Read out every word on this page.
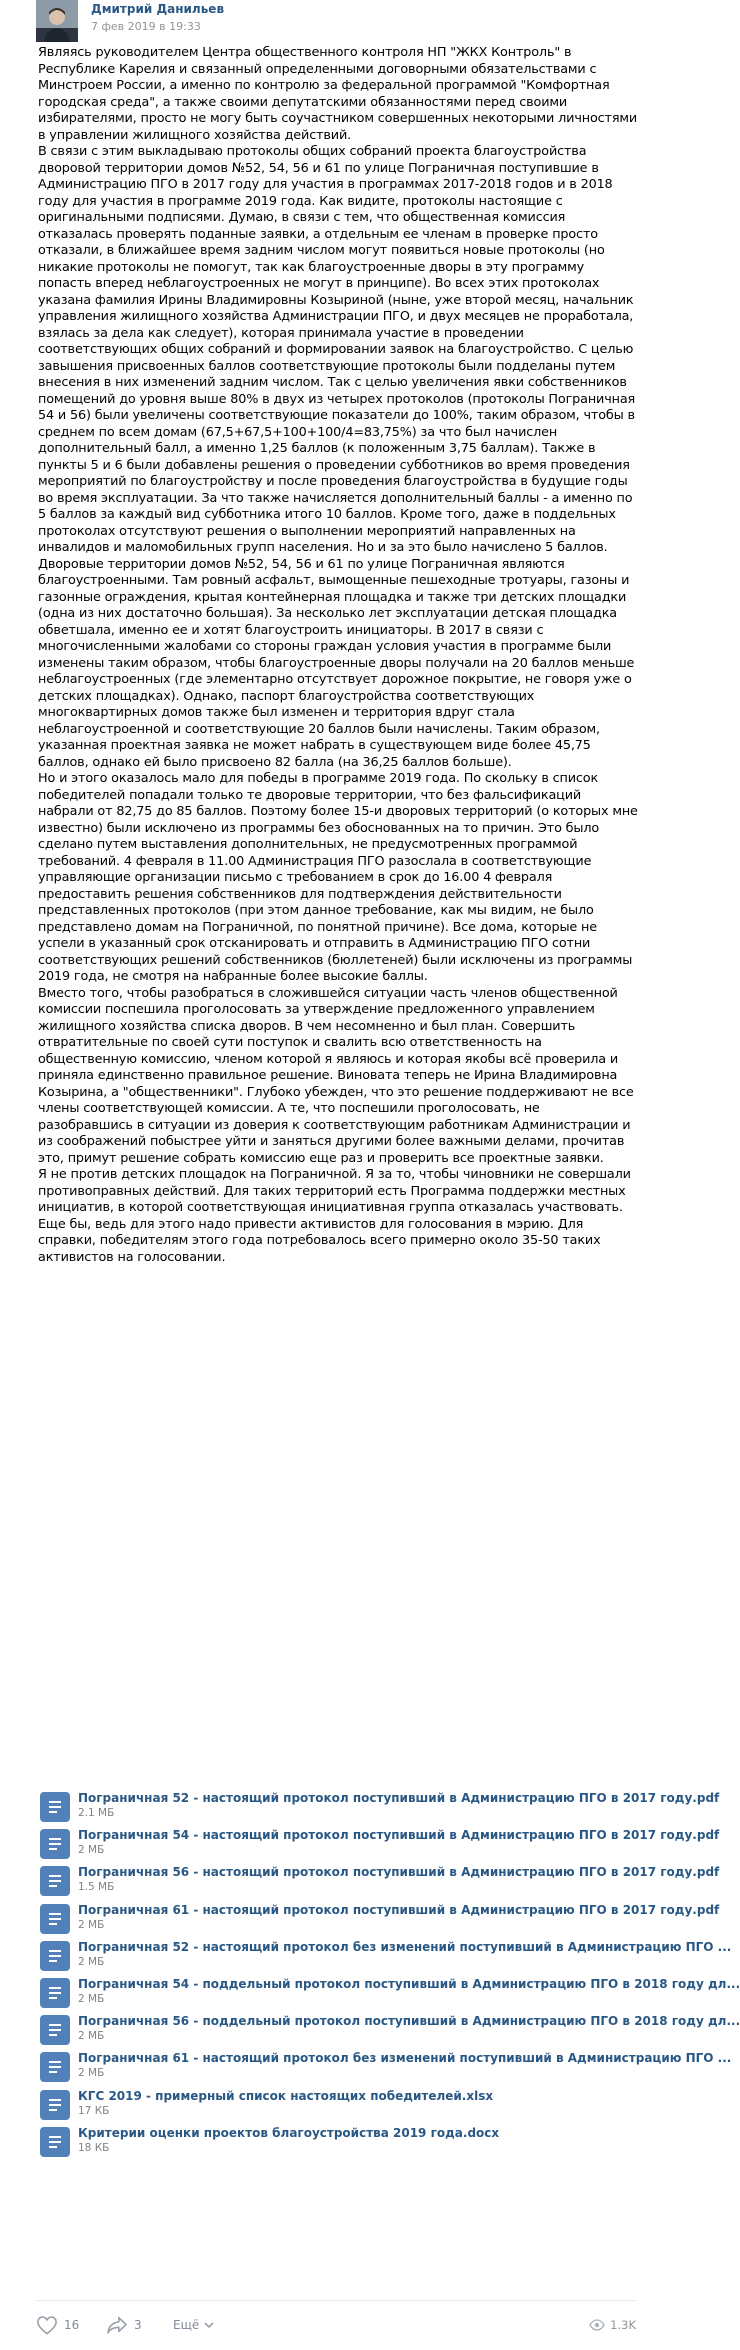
Дмитрий Данильев
7 фев 2019 в 19:33

Являясь руководителем Центра общественного контроля НП "ЖКХ Контроль" в Республике Карелия и связанный определенными договорными обязательствами с Минстроем России, а именно по контролю за федеральной программой "Комфортная городская среда", а также своими депутатскими обязанностями перед своими избирателями, просто не могу быть соучастником совершенных некоторыми личностями в управлении жилищного хозяйства действий.

В связи с этим выкладываю протоколы общих собраний проекта благоустройства дворовой территории домов №52, 54, 56 и 61 по улице Пограничная поступившие в Администрацию ПГО в 2017 году для участия в программах 2017-2018 годов и в 2018 году для участия в программе 2019 года. Как видите, протоколы настоящие с оригинальными подписями. Думаю, в связи с тем, что общественная комиссия отказалась проверять поданные заявки, а отдельным ее членам в проверке просто отказали, в ближайшее время задним числом могут появиться новые протоколы (но никакие протоколы не помогут, так как благоустроенные дворы в эту программу попасть вперед неблагоустроенных не могут в принципе). Во всех этих протоколах указана фамилия Ирины Владимировны Козыриной (ныне, уже второй месяц, начальник управления жилищного хозяйства Администрации ПГО, и двух месяцев не проработала, взялась за дела как следует), которая принимала участие в проведении соответствующих общих собраний и формировании заявок на благоустройство. С целью завышения присвоенных баллов соответствующие протоколы были подделаны путем внесения в них изменений задним числом. Так с целью увеличения явки собственников помещений до уровня выше 80% в двух из четырех протоколов (протоколы Пограничная 54 и 56) были увеличены соответствующие показатели до 100%, таким образом, чтобы в среднем по всем домам (67,5+67,5+100+100/4=83,75%) за что был начислен дополнительный балл, а именно 1,25 баллов (к положенным 3,75 баллам). Также в пункты 5 и 6 были добавлены решения о проведении субботников во время проведения мероприятий по благоустройству и после проведения благоустройства в будущие годы во время эксплуатации. За что также начисляется дополнительный баллы - а именно по 5 баллов за каждый вид субботника итого 10 баллов. Кроме того, даже в поддельных протоколах отсутствуют решения о выполнении мероприятий направленных на инвалидов и маломобильных групп населения. Но и за это было начислено 5 баллов. Дворовые территории домов №52, 54, 56 и 61 по улице Пограничная являются благоустроенными. Там ровный асфальт, вымощенные пешеходные тротуары, газоны и газонные ограждения, крытая контейнерная площадка и также три детских площадки (одна из них достаточно большая). За несколько лет эксплуатации детская площадка обветшала, именно ее и хотят благоустроить инициаторы. В 2017 в связи с многочисленными жалобами со стороны граждан условия участия в программе были изменены таким образом, чтобы благоустроенные дворы получали на 20 баллов меньше неблагоустроенных (где элементарно отсутствует дорожное покрытие, не говоря уже о детских площадках). Однако, паспорт благоустройства соответствующих многоквартирных домов также был изменен и территория вдруг стала неблагоустроенной и соответствующие 20 баллов были начислены. Таким образом, указанная проектная заявка не может набрать в существующем виде более 45,75 баллов, однако ей было присвоено 82 балла (на 36,25 баллов больше).

Но и этого оказалось мало для победы в программе 2019 года. По скольку в список победителей попадали только те дворовые территории, что без фальсификаций набрали от 82,75 до 85 баллов. Поэтому более 15-и дворовых территорий (о которых мне известно) были исключено из программы без обоснованных на то причин. Это было сделано путем выставления дополнительных, не предусмотренных программой требований. 4 февраля в 11.00 Администрация ПГО разослала в соответствующие управляющие организации письмо с требованием в срок до 16.00 4 февраля предоставить решения собственников для подтверждения действительности представленных протоколов (при этом данное требование, как мы видим, не было представлено домам на Пограничной, по понятной причине). Все дома, которые не успели в указанный срок отсканировать и отправить в Администрацию ПГО сотни соответствующих решений собственников (бюллетеней) были исключены из программы 2019 года, не смотря на набранные более высокие баллы.

Вместо того, чтобы разобраться в сложившейся ситуации часть членов общественной комиссии поспешила проголосовать за утверждение предложенного управлением жилищного хозяйства списка дворов. В чем несомненно и был план. Совершить отвратительные по своей сути поступок и свалить всю ответственность на общественную комиссию, членом которой я являюсь и которая якобы всё проверила и приняла единственно правильное решение. Виновата теперь не Ирина Владимировна Козырина, а "общественники". Глубоко убежден, что это решение поддерживают не все члены соответствующей комиссии. А те, что поспешили проголосовать, не разобравшись в ситуации из доверия к соответствующим работникам Администрации и из соображений побыстрее уйти и заняться другими более важными делами, прочитав это, примут решение собрать комиссию еще раз и проверить все проектные заявки.

Я не против детских площадок на Пограничной. Я за то, чтобы чиновники не совершали противоправных действий. Для таких территорий есть Программа поддержки местных инициатив, в которой соответствующая инициативная группа отказалась участвовать. Еще бы, ведь для этого надо привести активистов для голосования в мэрию. Для справки, победителям этого года потребовалось всего примерно около 35-50 таких активистов на голосовании.

Пограничная 52 - настоящий протокол поступивший в Администрацию ПГО в 2017 году.pdf
2.1 МБ
Пограничная 54 - настоящий протокол поступивший в Администрацию ПГО в 2017 году.pdf
2 МБ
Пограничная 56 - настоящий протокол поступивший в Администрацию ПГО в 2017 году.pdf
1.5 МБ
Пограничная 61 - настоящий протокол поступивший в Администрацию ПГО в 2017 году.pdf
2 МБ
Пограничная 52 - настоящий протокол без изменений поступивший в Администрацию ПГО ...
2 МБ
Пограничная 54 - поддельный протокол поступивший в Администрацию ПГО в 2018 году дл...
2 МБ
Пограничная 56 - поддельный протокол поступивший в Администрацию ПГО в 2018 году дл...
2 МБ
Пограничная 61 - настоящий протокол без изменений поступивший в Администрацию ПГО ...
2 МБ
КГС 2019 - примерный список настоящих победителей.xlsx
17 КБ
Критерии оценки проектов благоустройства 2019 года.docx
18 КБ
16	3	Ещё	1.3K
